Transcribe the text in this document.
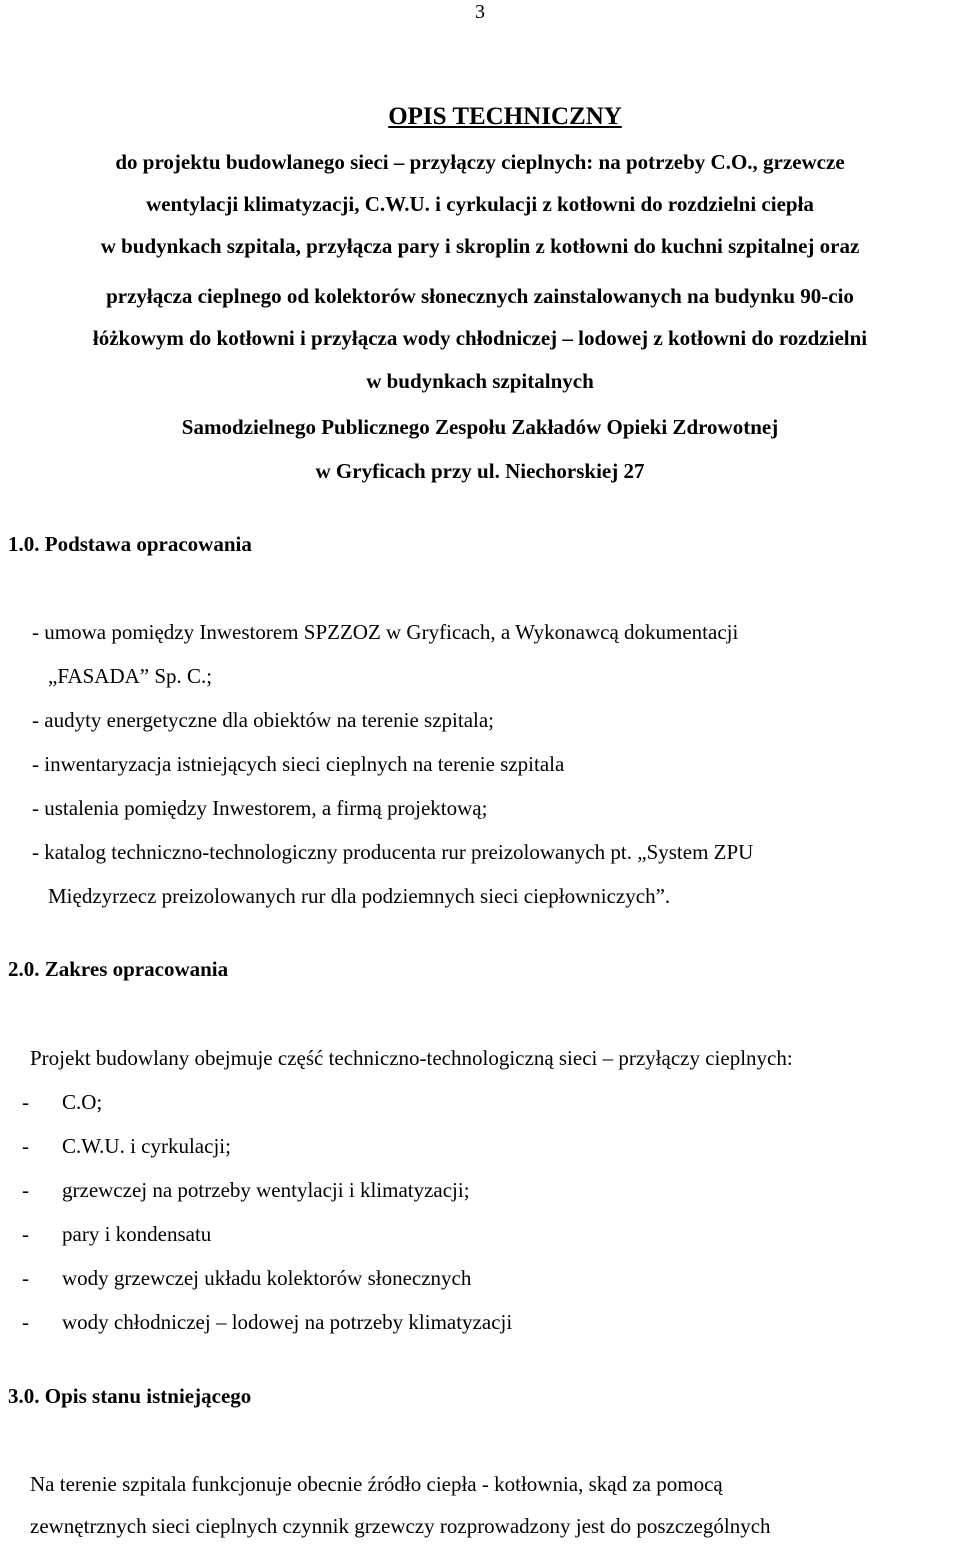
3
OPIS TECHNICZNY
do projektu budowlanego sieci – przyłączy cieplnych: na potrzeby C.O., grzewcze
wentylacji klimatyzacji, C.W.U. i cyrkulacji z kotłowni do rozdzielni ciepła
w budynkach szpitala, przyłącza pary i skroplin z kotłowni do kuchni szpitalnej oraz
przyłącza cieplnego od kolektorów słonecznych zainstalowanych na budynku 90-cio
łóżkowym do kotłowni i przyłącza wody chłodniczej – lodowej z kotłowni do rozdzielni
w budynkach szpitalnych
Samodzielnego Publicznego Zespołu Zakładów Opieki Zdrowotnej
w Gryficach przy ul. Niechorskiej 27
1.0. Podstawa opracowania
- umowa pomiędzy Inwestorem SPZZOZ w Gryficach, a Wykonawcą dokumentacji
„FASADA” Sp. C.;
- audyty energetyczne dla obiektów na terenie szpitala;
- inwentaryzacja istniejących sieci cieplnych na terenie szpitala
- ustalenia pomiędzy Inwestorem, a firmą projektową;
- katalog techniczno-technologiczny producenta rur preizolowanych pt. „System ZPU
Międzyrzecz preizolowanych rur dla podziemnych sieci ciepłowniczych”.
2.0. Zakres opracowania
Projekt budowlany obejmuje część techniczno-technologiczną sieci – przyłączy cieplnych:
- C.O;
- C.W.U. i cyrkulacji;
- grzewczej na potrzeby wentylacji i klimatyzacji;
- pary i kondensatu
- wody grzewczej układu kolektorów słonecznych
- wody chłodniczej – lodowej na potrzeby klimatyzacji
3.0. Opis stanu istniejącego
Na terenie szpitala funkcjonuje obecnie źródło ciepła - kotłownia, skąd za pomocą
zewnętrznych sieci cieplnych czynnik grzewczy rozprowadzony jest do poszczególnych
